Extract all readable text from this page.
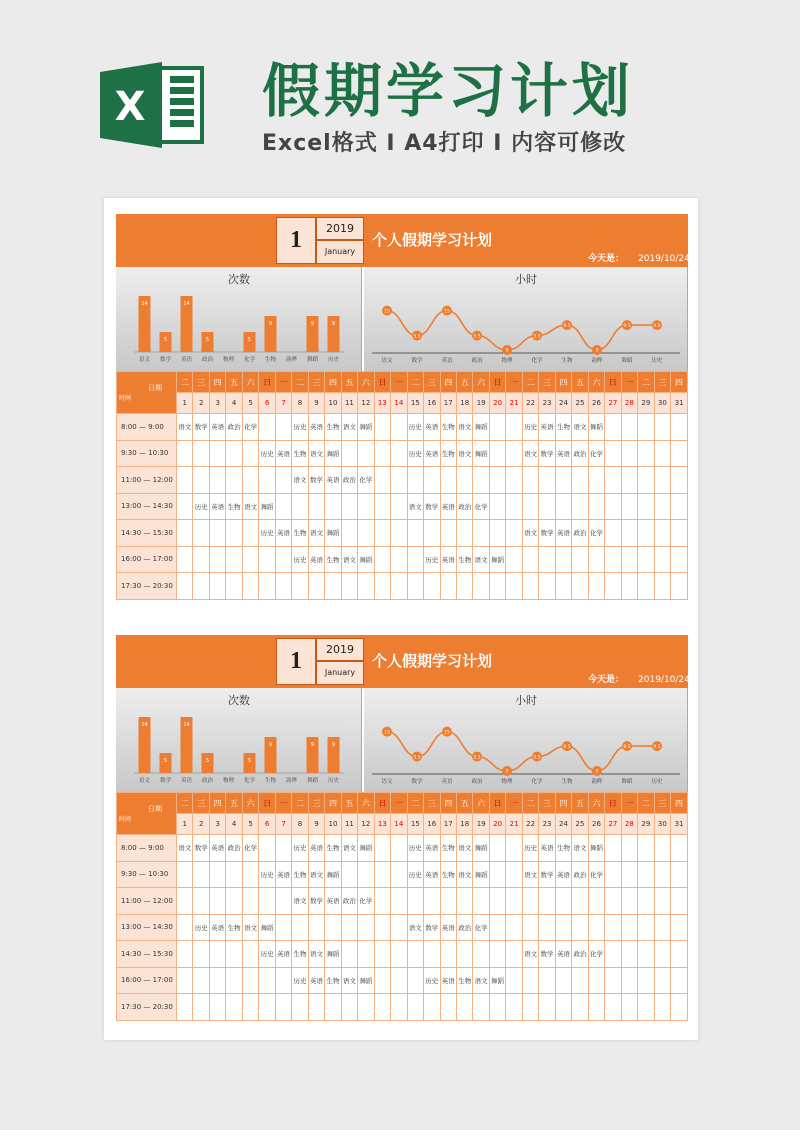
X 假期学习计划
Excel格式 I A4打印 I 内容可修改
1	2019
January
个人假期学习计划
今天是： 2019/10/24
次数
14
语文
5
数学
14
英语
5
政治 物理
5
化学
9
生物 韵晔
9
舞蹈
9
历史
小时
15
语文
5.5
数学
15
英语
5.5
政治
0
物理
5.5
化学
9.5
生物
0
韵晔
9.5
舞蹈
9.5
历史
日期
时间	二	三	四	五	六	日	一	二	三	四	五	六	日	一	二	三	四	五	六	日	一	二	三	四	五	六	日	一	二	三	四
	1	2	3	4	5	6	7	8	9	10	11	12	13	14	15	16	17	18	19	20	21	22	23	24	25	26	27	28	29	30	31
8:00 — 9:00	语文	数学	英语	政治	化学			历史	英语	生物	语文	舞蹈			历史	英语	生物	语文	舞蹈			历史	英语	生物	语文	舞蹈					
9:30 — 10:30						历史	英语	生物	语文	舞蹈					历史	英语	生物	语文	舞蹈			语文	数学	英语	政治	化学					
11:00 — 12:00								语文	数学	英语	政治	化学																			
13:00 — 14:30		历史	英语	生物	语文	舞蹈									语文	数学	英语	政治	化学												
14:30 — 15:30						历史	英语	生物	语文	舞蹈												语文	数学	英语	政治	化学					
16:00 — 17:00								历史	英语	生物	语文	舞蹈				历史	英语	生物	语文	舞蹈											
17:30 — 20:30																															
1	2019
January
个人假期学习计划
今天是： 2019/10/24
次数
14
语文
5
数学
14
英语
5
政治 物理
5
化学
9
生物 韵晔
9
舞蹈
9
历史
小时
15
语文
5.5
数学
15
英语
5.5
政治
0
物理
5.5
化学
9.5
生物
0
韵晔
9.5
舞蹈
9.5
历史
日期
时间	二	三	四	五	六	日	一	二	三	四	五	六	日	一	二	三	四	五	六	日	一	二	三	四	五	六	日	一	二	三	四
	1	2	3	4	5	6	7	8	9	10	11	12	13	14	15	16	17	18	19	20	21	22	23	24	25	26	27	28	29	30	31
8:00 — 9:00	语文	数学	英语	政治	化学			历史	英语	生物	语文	舞蹈			历史	英语	生物	语文	舞蹈			历史	英语	生物	语文	舞蹈					
9:30 — 10:30						历史	英语	生物	语文	舞蹈					历史	英语	生物	语文	舞蹈			语文	数学	英语	政治	化学					
11:00 — 12:00								语文	数学	英语	政治	化学																			
13:00 — 14:30		历史	英语	生物	语文	舞蹈									语文	数学	英语	政治	化学												
14:30 — 15:30						历史	英语	生物	语文	舞蹈												语文	数学	英语	政治	化学					
16:00 — 17:00								历史	英语	生物	语文	舞蹈				历史	英语	生物	语文	舞蹈											
17:30 — 20:30																															
